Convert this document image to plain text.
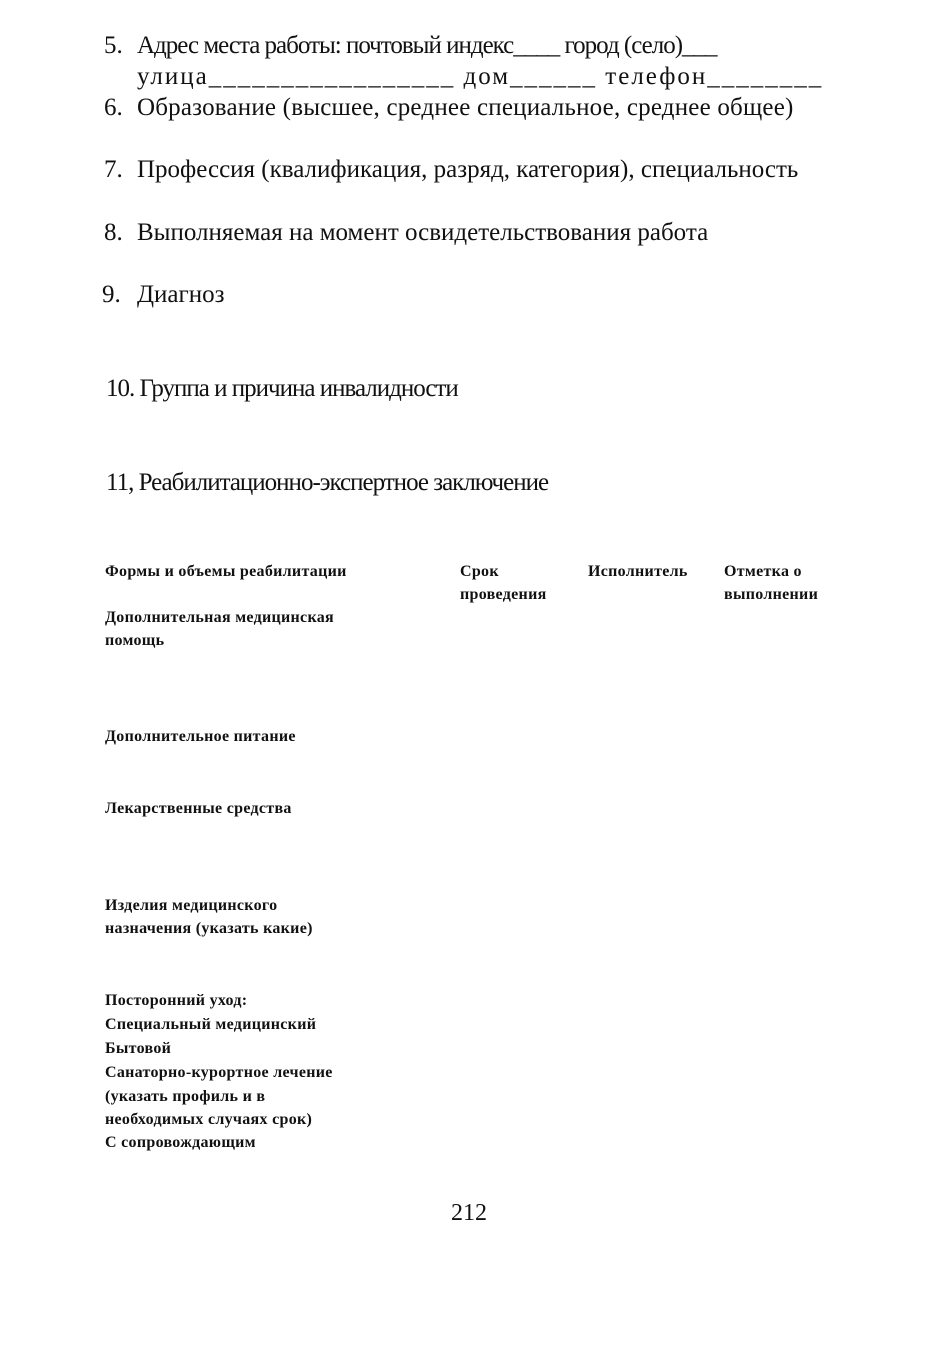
5. Адрес места работы: почтовый индекс____ город (село)___
улица_________________ дом______ телефон________
6. Образование (высшее, среднее специальное, среднее общее)
7. Профессия (квалификация, разряд, категория), специальность
8. Выполняемая на момент освидетельствования работа
9. Диагноз
10. Группа и причина инвалидности
11, Реабилитационно-экспертное заключение
Формы и объемы реабилитации	Срок
проведения
Исполнитель Отметка о
выполнении
Дополнительная медицинская
помощь
Дополнительное питание
Лекарственные средства
Изделия медицинского
назначения (указать какие)
Посторонний уход:
Специальный медицинский
Бытовой
Санаторно-курортное лечение
(указать профиль и в
необходимых случаях срок)
С сопровождающим
212
